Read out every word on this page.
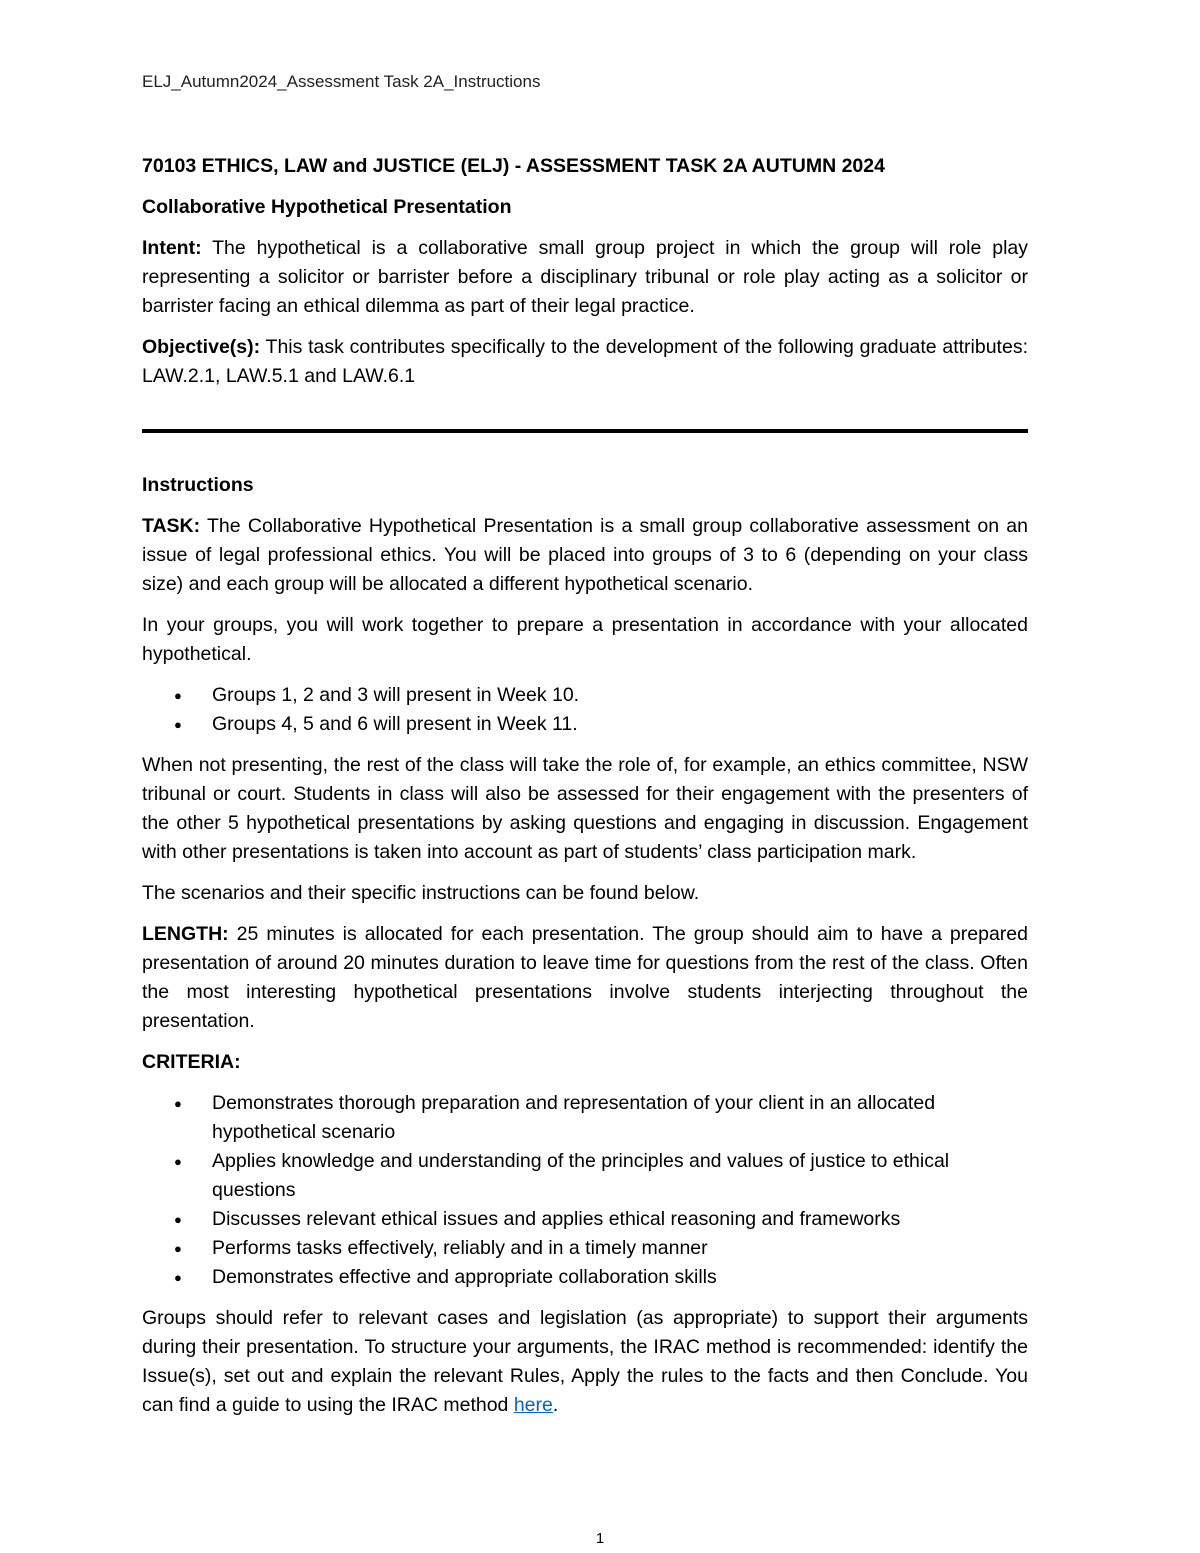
ELJ_Autumn2024_Assessment Task 2A_Instructions
70103 ETHICS, LAW and JUSTICE (ELJ) - ASSESSMENT TASK 2A AUTUMN 2024
Collaborative Hypothetical Presentation

Intent: The hypothetical is a collaborative small group project in which the group will role play representing a solicitor or barrister before a disciplinary tribunal or role play acting as a solicitor or barrister facing an ethical dilemma as part of their legal practice.

Objective(s): This task contributes specifically to the development of the following graduate attributes: LAW.2.1, LAW.5.1 and LAW.6.1

Instructions

TASK: The Collaborative Hypothetical Presentation is a small group collaborative assessment on an issue of legal professional ethics. You will be placed into groups of 3 to 6 (depending on your class size) and each group will be allocated a different hypothetical scenario.

In your groups, you will work together to prepare a presentation in accordance with your allocated hypothetical.

● Groups 1, 2 and 3 will present in Week 10.
● Groups 4, 5 and 6 will present in Week 11.

When not presenting, the rest of the class will take the role of, for example, an ethics committee, NSW tribunal or court. Students in class will also be assessed for their engagement with the presenters of the other 5 hypothetical presentations by asking questions and engaging in discussion. Engagement with other presentations is taken into account as part of students’ class participation mark.

The scenarios and their specific instructions can be found below.

LENGTH: 25 minutes is allocated for each presentation. The group should aim to have a prepared presentation of around 20 minutes duration to leave time for questions from the rest of the class. Often the most interesting hypothetical presentations involve students interjecting throughout the presentation.

CRITERIA:

● Demonstrates thorough preparation and representation of your client in an allocated hypothetical scenario
● Applies knowledge and understanding of the principles and values of justice to ethical questions
● Discusses relevant ethical issues and applies ethical reasoning and frameworks
● Performs tasks effectively, reliably and in a timely manner
● Demonstrates effective and appropriate collaboration skills

Groups should refer to relevant cases and legislation (as appropriate) to support their arguments during their presentation. To structure your arguments, the IRAC method is recommended: identify the Issue(s), set out and explain the relevant Rules, Apply the rules to the facts and then Conclude. You can find a guide to using the IRAC method here.

1
